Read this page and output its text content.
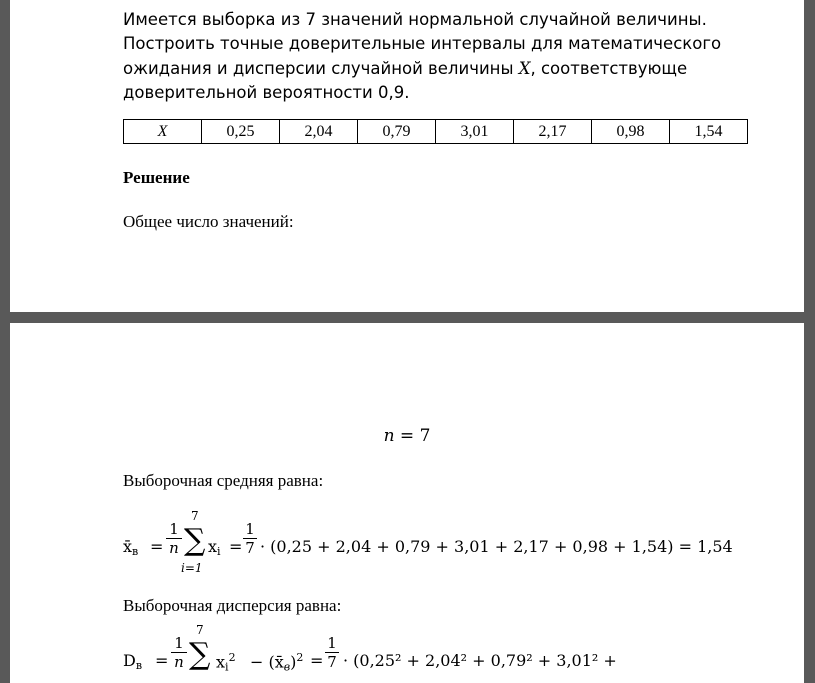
Имеется выборка из 7 значений нормальной случайной величины.
Построить точные доверительные интервалы для математического
ожидания и дисперсии случайной величины X, соответствующе
доверительной вероятности 0,9.
X	0,25	2,04	0,79	3,01	2,17	0,98	1,54
Решение
Общее число значений:
n = 7
Выборочная средняя равна:
x̄в =
1
n
7
∑
i=1
xi =
1
7 · (0,25 + 2,04 + 0,79 + 3,01 + 2,17 + 0,98 + 1,54) = 1,54
Выборочная дисперсия равна:
Dв =
1
n
7
∑ $xi^2$ − (x̄в)$^2$ =
1
7 · (0,25² + 2,04² + 0,79² + 3,01² +
